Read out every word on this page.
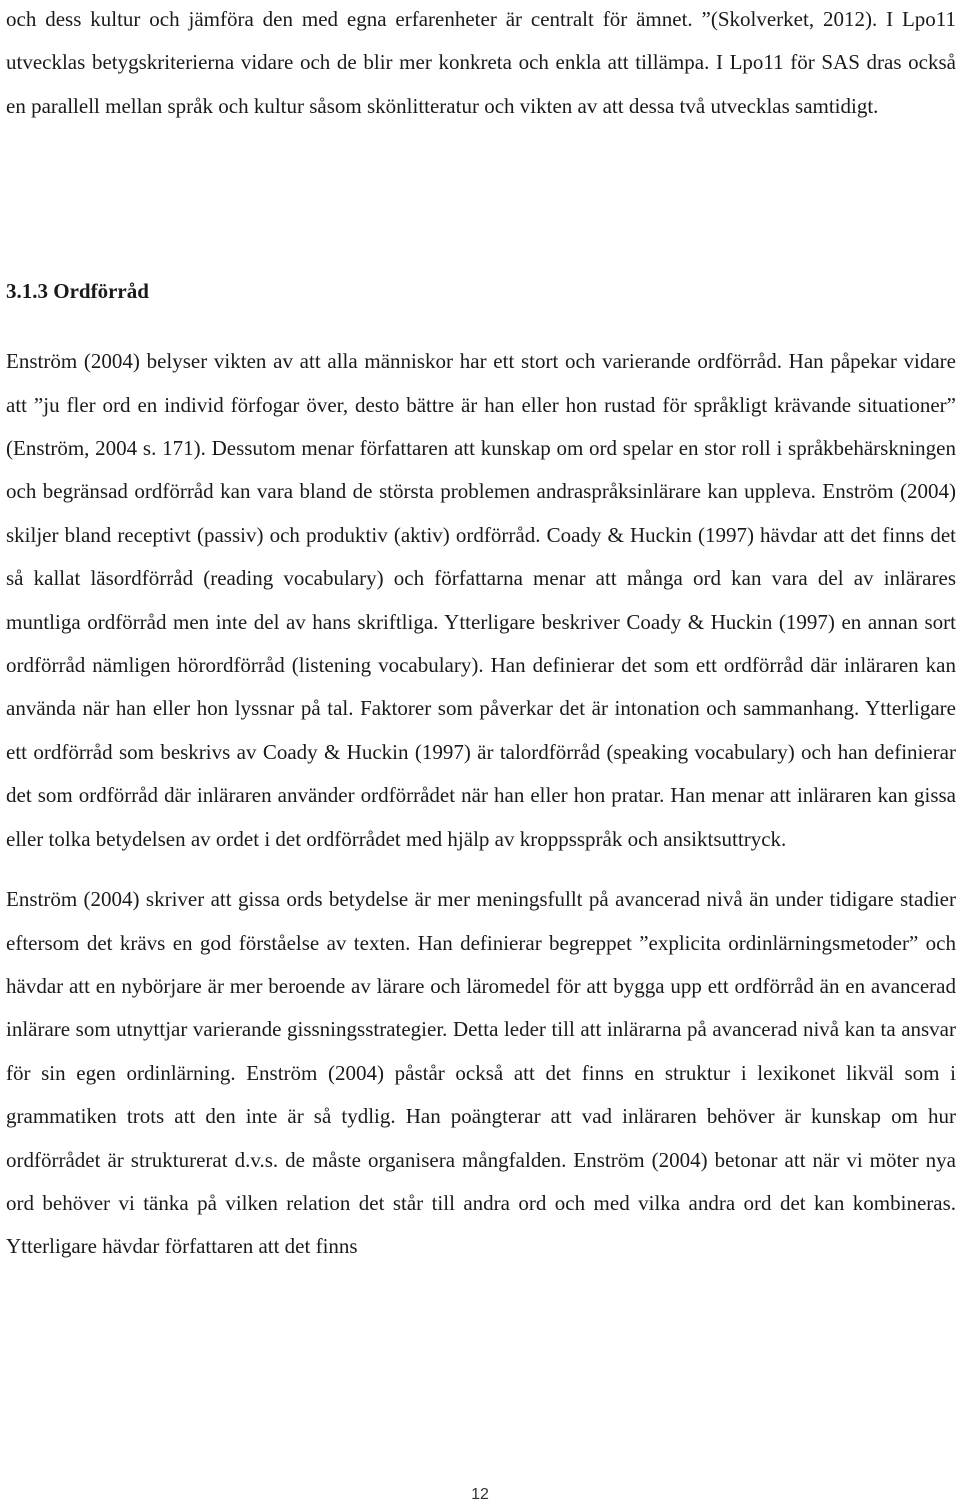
och dess kultur och jämföra den med egna erfarenheter är centralt för ämnet. ”(Skolverket, 2012). I Lpo11 utvecklas betygskriterierna vidare och de blir mer konkreta och enkla att tillämpa. I Lpo11 för SAS dras också en parallell mellan språk och kultur såsom skönlitteratur och vikten av att dessa två utvecklas samtidigt.

3.1.3 Ordförråd

Enström (2004) belyser vikten av att alla människor har ett stort och varierande ordförråd. Han påpekar vidare att ”ju fler ord en individ förfogar över, desto bättre är han eller hon rustad för språkligt krävande situationer” (Enström, 2004 s. 171). Dessutom menar författaren att kunskap om ord spelar en stor roll i språkbehärskningen och begränsad ordförråd kan vara bland de största problemen andraspråksinlärare kan uppleva. Enström (2004) skiljer bland receptivt (passiv) och produktiv (aktiv) ordförråd. Coady & Huckin (1997) hävdar att det finns det så kallat läsordförråd (reading vocabulary) och författarna menar att många ord kan vara del av inlärares muntliga ordförråd men inte del av hans skriftliga. Ytterligare beskriver Coady & Huckin (1997) en annan sort ordförråd nämligen hörordförråd (listening vocabulary). Han definierar det som ett ordförråd där inläraren kan använda när han eller hon lyssnar på tal. Faktorer som påverkar det är intonation och sammanhang. Ytterligare ett ordförråd som beskrivs av Coady & Huckin (1997) är talordförråd (speaking vocabulary) och han definierar det som ordförråd där inläraren använder ordförrådet när han eller hon pratar. Han menar att inläraren kan gissa eller tolka betydelsen av ordet i det ordförrådet med hjälp av kroppsspråk och ansiktsuttryck.

Enström (2004) skriver att gissa ords betydelse är mer meningsfullt på avancerad nivå än under tidigare stadier eftersom det krävs en god förståelse av texten. Han definierar begreppet ”explicita ordinlärningsmetoder” och hävdar att en nybörjare är mer beroende av lärare och läromedel för att bygga upp ett ordförråd än en avancerad inlärare som utnyttjar varierande gissningsstrategier. Detta leder till att inlärarna på avancerad nivå kan ta ansvar för sin egen ordinlärning. Enström (2004) påstår också att det finns en struktur i lexikonet likväl som i grammatiken trots att den inte är så tydlig. Han poängterar att vad inläraren behöver är kunskap om hur ordförrådet är strukturerat d.v.s. de måste organisera mångfalden. Enström (2004) betonar att när vi möter nya ord behöver vi tänka på vilken relation det står till andra ord och med vilka andra ord det kan kombineras. Ytterligare hävdar författaren att det finns

12
